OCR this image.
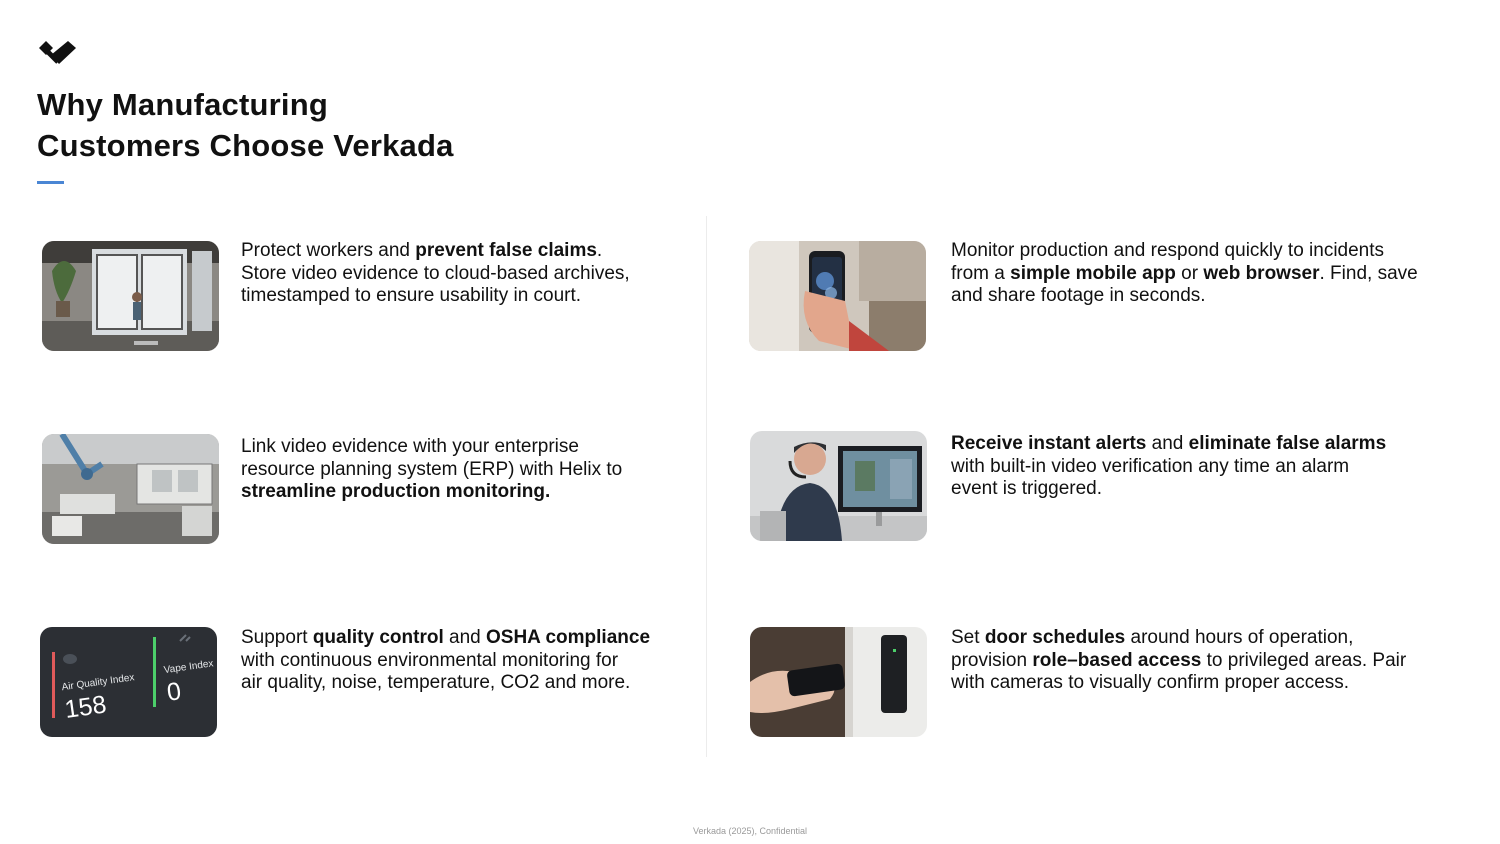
Why Manufacturing
Customers Choose Verkada

Protect workers and prevent false claims.
Store video evidence to cloud-based archives,
timestamped to ensure usability in court.

Link video evidence with your enterprise
resource planning system (ERP) with Helix to
streamline production monitoring.

Air Quality Index
158
Vape Index
0

Support quality control and OSHA compliance
with continuous environmental monitoring for
air quality, noise, temperature, CO2 and more.

Monitor production and respond quickly to incidents
from a simple mobile app or web browser. Find, save
and share footage in seconds.

Receive instant alerts and eliminate false alarms
with built-in video verification any time an alarm
event is triggered.

Set door schedules around hours of operation,
provision role–based access to privileged areas. Pair
with cameras to visually confirm proper access.

Verkada (2025), Confidential
